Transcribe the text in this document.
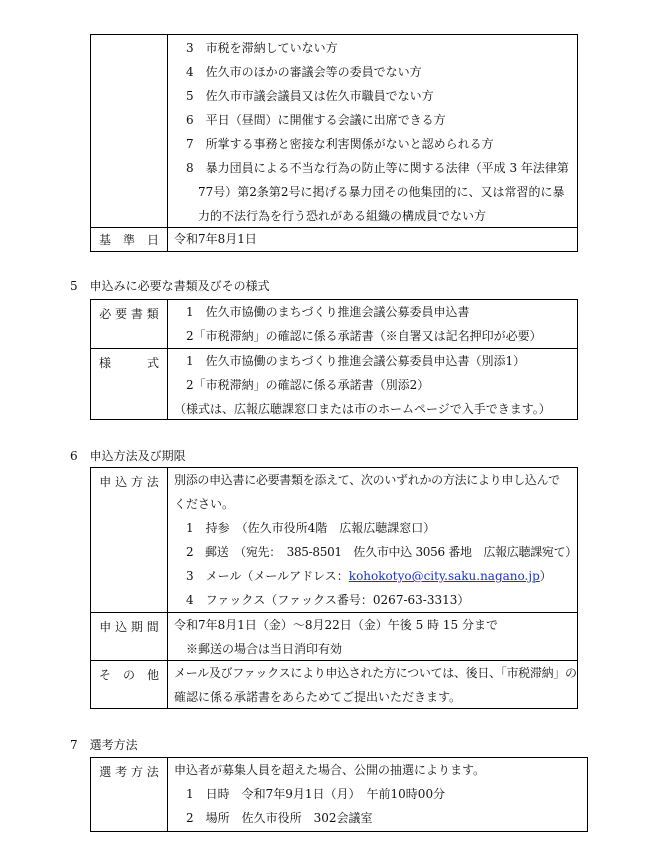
3　市税を滞納していない方
4　佐久市のほかの審議会等の委員でない方
5　佐久市市議会議員又は佐久市職員でない方
6　平日（昼間）に開催する会議に出席できる方
7　所掌する事務と密接な利害関係がないと認められる方
8　暴力団員による不当な行為の防止等に関する法律（平成 3 年法律第
77号）第2条第2号に掲げる暴力団その他集団的に、又は常習的に暴
力的不法行為を行う恐れがある組織の構成員でない方
基　準　日	令和7年8月1日
5　申込みに必要な書類及びその様式
必 要 書 類	1　佐久市協働のまちづくり推進会議公募委員申込書
2「市税滞納」の確認に係る承諾書（※自署又は記名押印が必要）
様　　　式	1　佐久市協働のまちづくり推進会議公募委員申込書（別添1）
2「市税滞納」の確認に係る承諾書（別添2）
（様式は、広報広聴課窓口または市のホームページで入手できます。）
6　申込方法及び期限
申 込 方 法	別添の申込書に必要書類を添えて、次のいずれかの方法により申し込んで
ください。
1　持参　（佐久市役所4階　広報広聴課窓口）
2　郵送　（宛先：　385-8501　佐久市中込 3056 番地　広報広聴課宛て）
3　メール（メールアドレス：kohokotyo@city.saku.nagano.jp）
4　ファックス（ファックス番号：0267-63-3313）
申 込 期 間	令和7年8月1日（金）～8月22日（金）午後 5 時 15 分まで
※郵送の場合は当日消印有効
そ　の　他	メール及びファックスにより申込された方については、後日、「市税滞納」の
確認に係る承諾書をあらためてご提出いただきます。
7　選考方法
選 考 方 法	申込者が募集人員を超えた場合、公開の抽選によります。
1　日時　令和7年9月1日（月）　午前10時00分
2　場所　佐久市役所　302会議室
